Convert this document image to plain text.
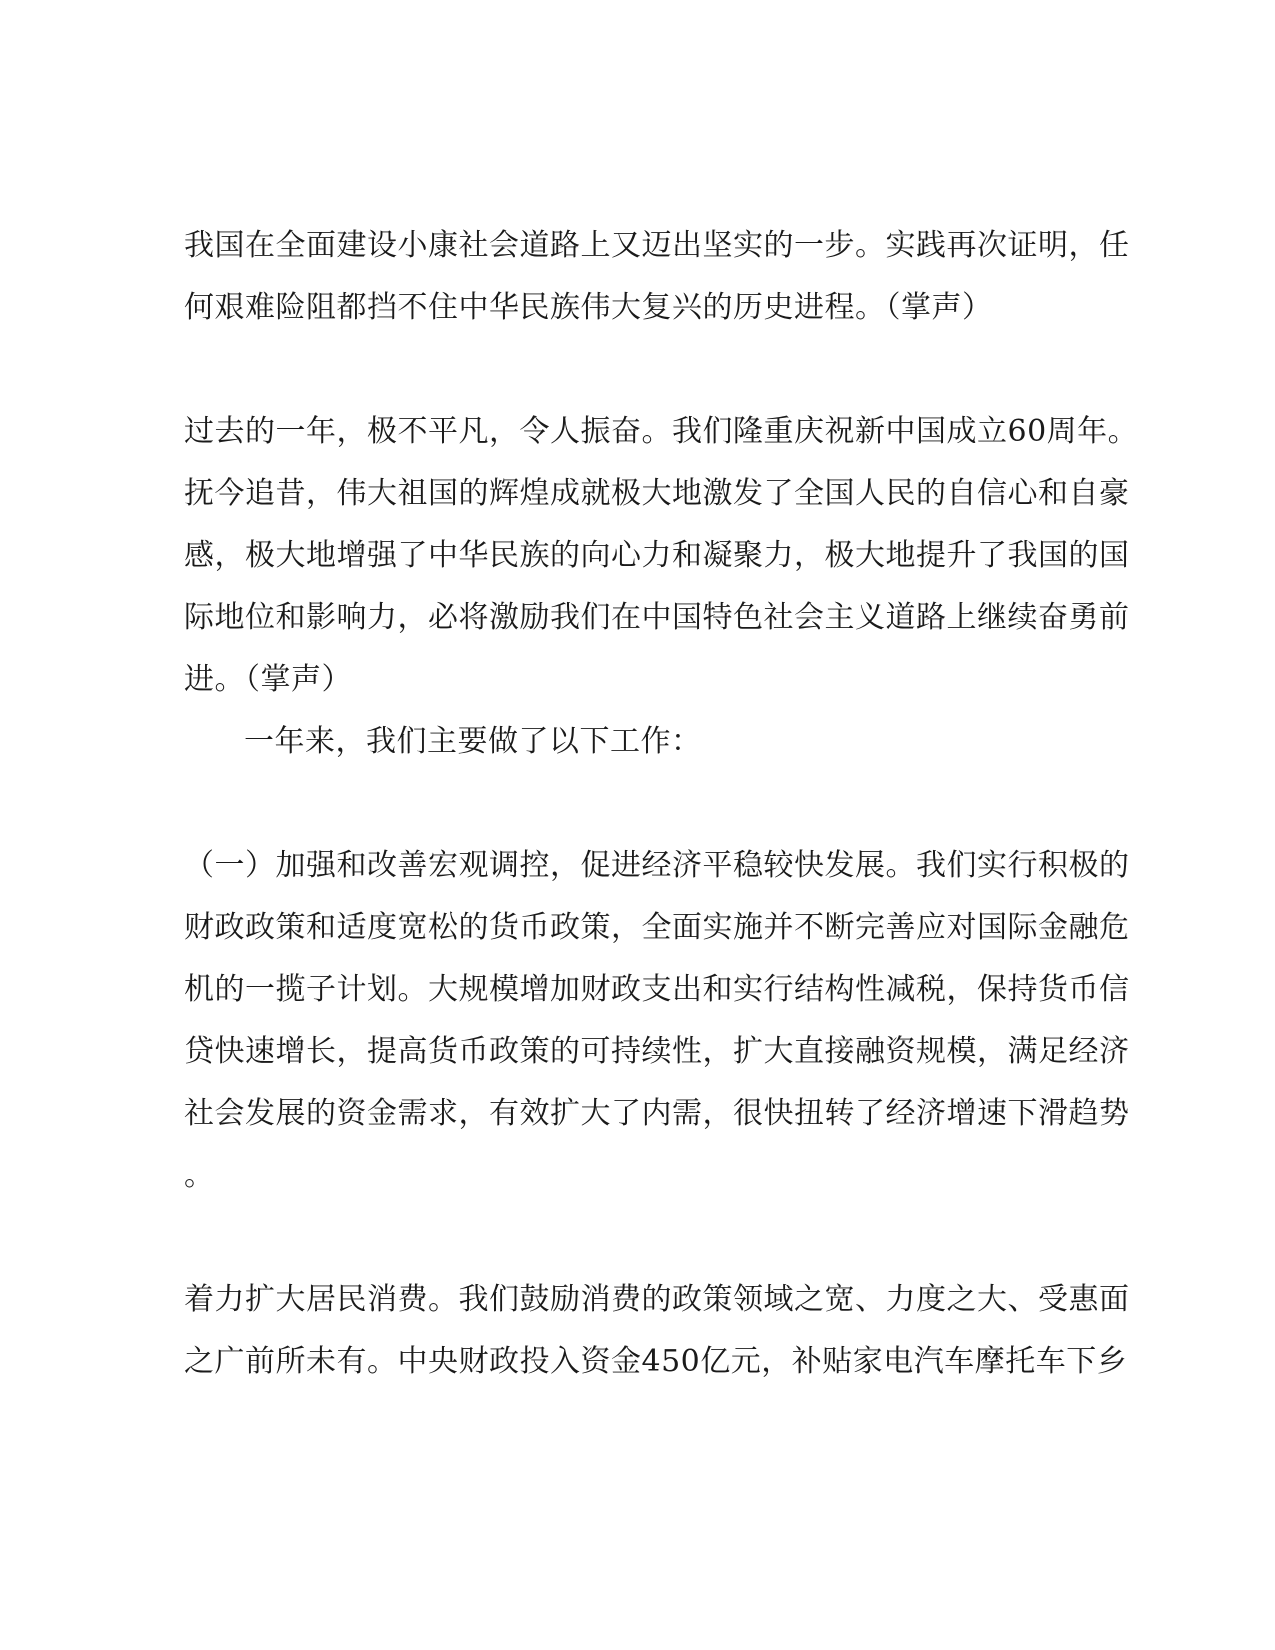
我国在全面建设小康社会道路上又迈出坚实的一步。实践再次证明，任
何艰难险阻都挡不住中华民族伟大复兴的历史进程。（掌声）
过去的一年，极不平凡，令人振奋。我们隆重庆祝新中国成立60周年。
抚今追昔，伟大祖国的辉煌成就极大地激发了全国人民的自信心和自豪
感，极大地增强了中华民族的向心力和凝聚力，极大地提升了我国的国
际地位和影响力，必将激励我们在中国特色社会主义道路上继续奋勇前
进。（掌声）
一年来，我们主要做了以下工作：
（一）加强和改善宏观调控，促进经济平稳较快发展。我们实行积极的
财政政策和适度宽松的货币政策，全面实施并不断完善应对国际金融危
机的一揽子计划。大规模增加财政支出和实行结构性减税，保持货币信
贷快速增长，提高货币政策的可持续性，扩大直接融资规模，满足经济
社会发展的资金需求，有效扩大了内需，很快扭转了经济增速下滑趋势
。
着力扩大居民消费。我们鼓励消费的政策领域之宽、力度之大、受惠面
之广前所未有。中央财政投入资金450亿元，补贴家电汽车摩托车下乡
